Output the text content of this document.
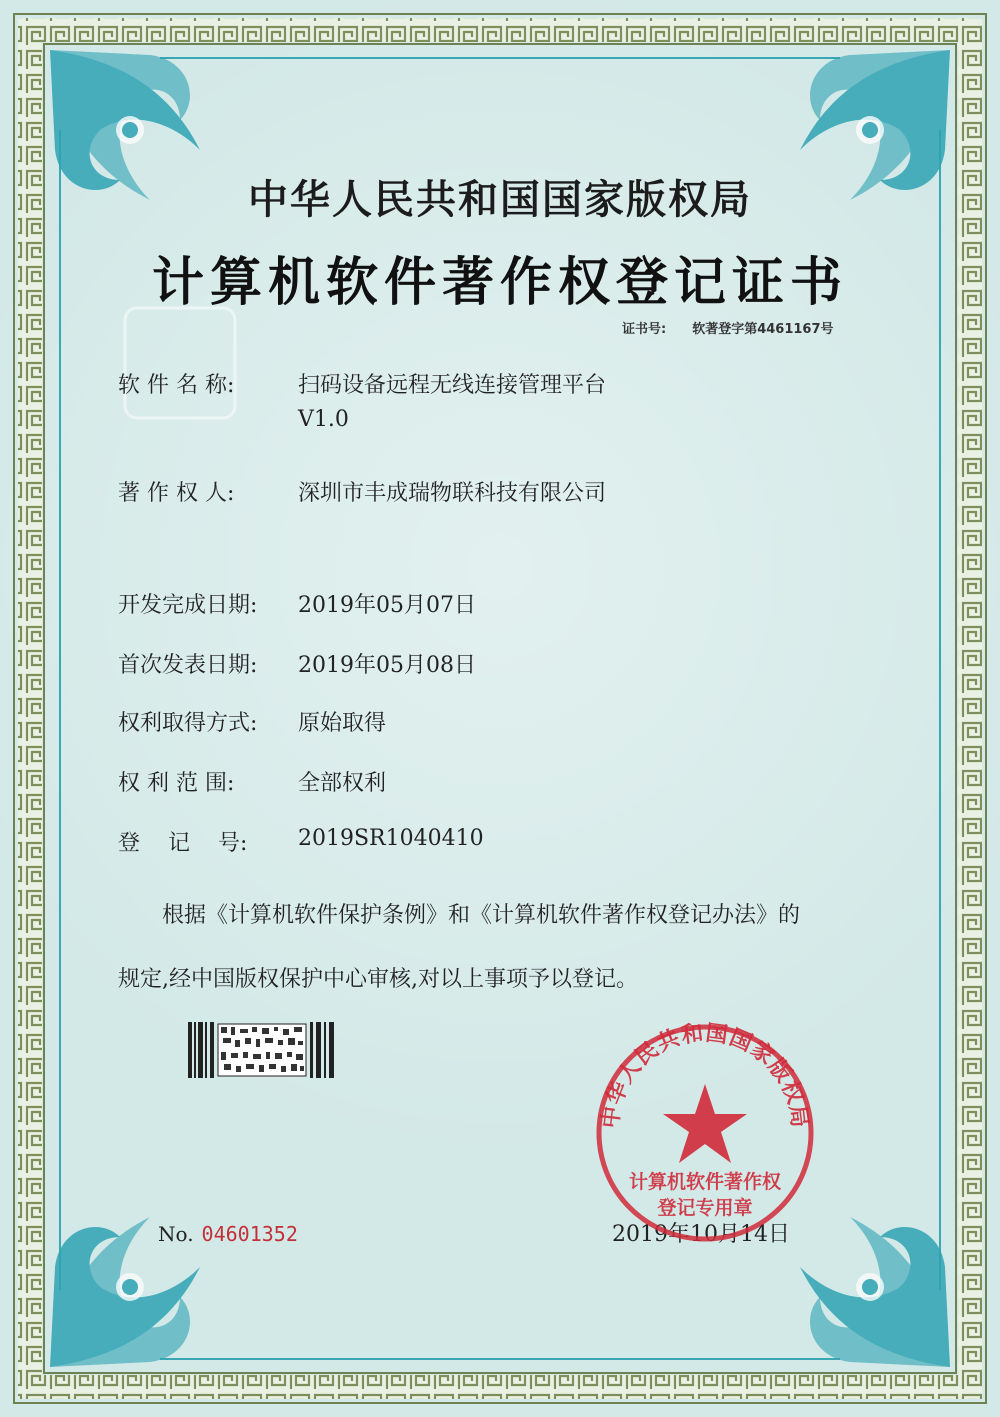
中华人民共和国国家版权局
计算机软件著作权登记证书
证书号: 软著登字第4461167号
软 件 名 称:	扫码设备远程无线连接管理平台
V1.0
著 作 权 人:	深圳市丰成瑞物联科技有限公司
开发完成日期: 2019年05月07日
首次发表日期: 2019年05月08日
权利取得方式: 原始取得
权 利 范 围:	全部权利
登    记    号: 2019SR1040410
根据《计算机软件保护条例》和《计算机软件著作权登记办法》的
规定,经中国版权保护中心审核,对以上事项予以登记。
No. 04601352	2019年10月14日
中华人民共和国国家版权局
计算机软件著作权
登记专用章
